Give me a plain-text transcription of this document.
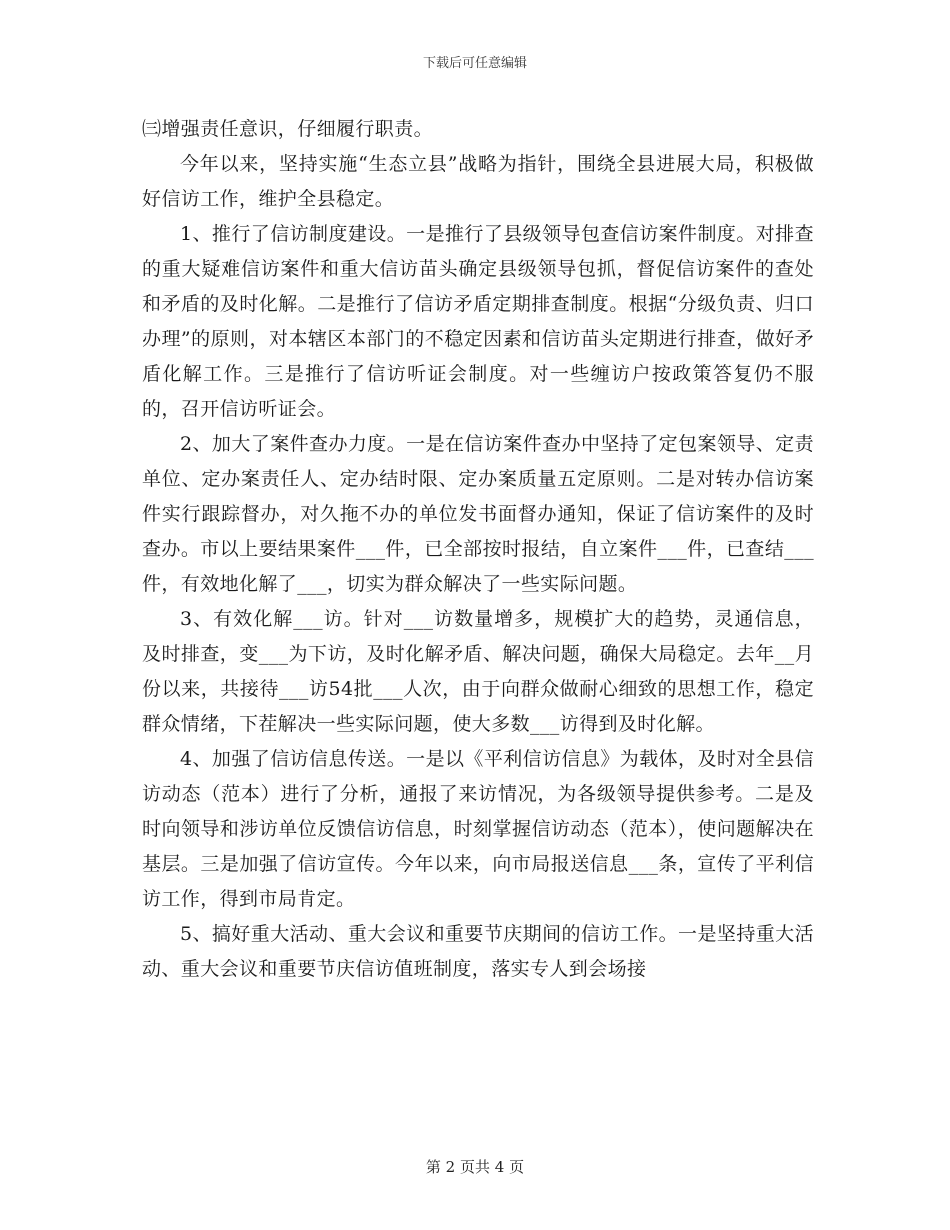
下载后可任意编辑

㈢增强责任意识，仔细履行职责。

今年以来，坚持实施“生态立县”战略为指针，围绕全县进展大局，积极做好信访工作，维护全县稳定。

1、推行了信访制度建设。一是推行了县级领导包查信访案件制度。对排查的重大疑难信访案件和重大信访苗头确定县级领导包抓，督促信访案件的查处和矛盾的及时化解。二是推行了信访矛盾定期排查制度。根据“分级负责、归口办理”的原则，对本辖区本部门的不稳定因素和信访苗头定期进行排查，做好矛盾化解工作。三是推行了信访听证会制度。对一些缠访户按政策答复仍不服的，召开信访听证会。

2、加大了案件查办力度。一是在信访案件查办中坚持了定包案领导、定责单位、定办案责任人、定办结时限、定办案质量五定原则。二是对转办信访案件实行跟踪督办，对久拖不办的单位发书面督办通知，保证了信访案件的及时查办。市以上要结果案件___件，已全部按时报结，自立案件___件，已查结___件，有效地化解了___，切实为群众解决了一些实际问题。

3、有效化解___访。针对___访数量增多，规模扩大的趋势，灵通信息，及时排查，变___为下访，及时化解矛盾、解决问题，确保大局稳定。去年__月份以来，共接待___访54批___人次，由于向群众做耐心细致的思想工作，稳定群众情绪，下茬解决一些实际问题，使大多数___访得到及时化解。

4、加强了信访信息传送。一是以《平利信访信息》为载体，及时对全县信访动态（范本）进行了分析，通报了来访情况，为各级领导提供参考。二是及时向领导和涉访单位反馈信访信息，时刻掌握信访动态（范本），使问题解决在基层。三是加强了信访宣传。今年以来，向市局报送信息___条，宣传了平利信访工作，得到市局肯定。

5、搞好重大活动、重大会议和重要节庆期间的信访工作。一是坚持重大活动、重大会议和重要节庆信访值班制度，落实专人到会场接

第 2 页共 4 页
